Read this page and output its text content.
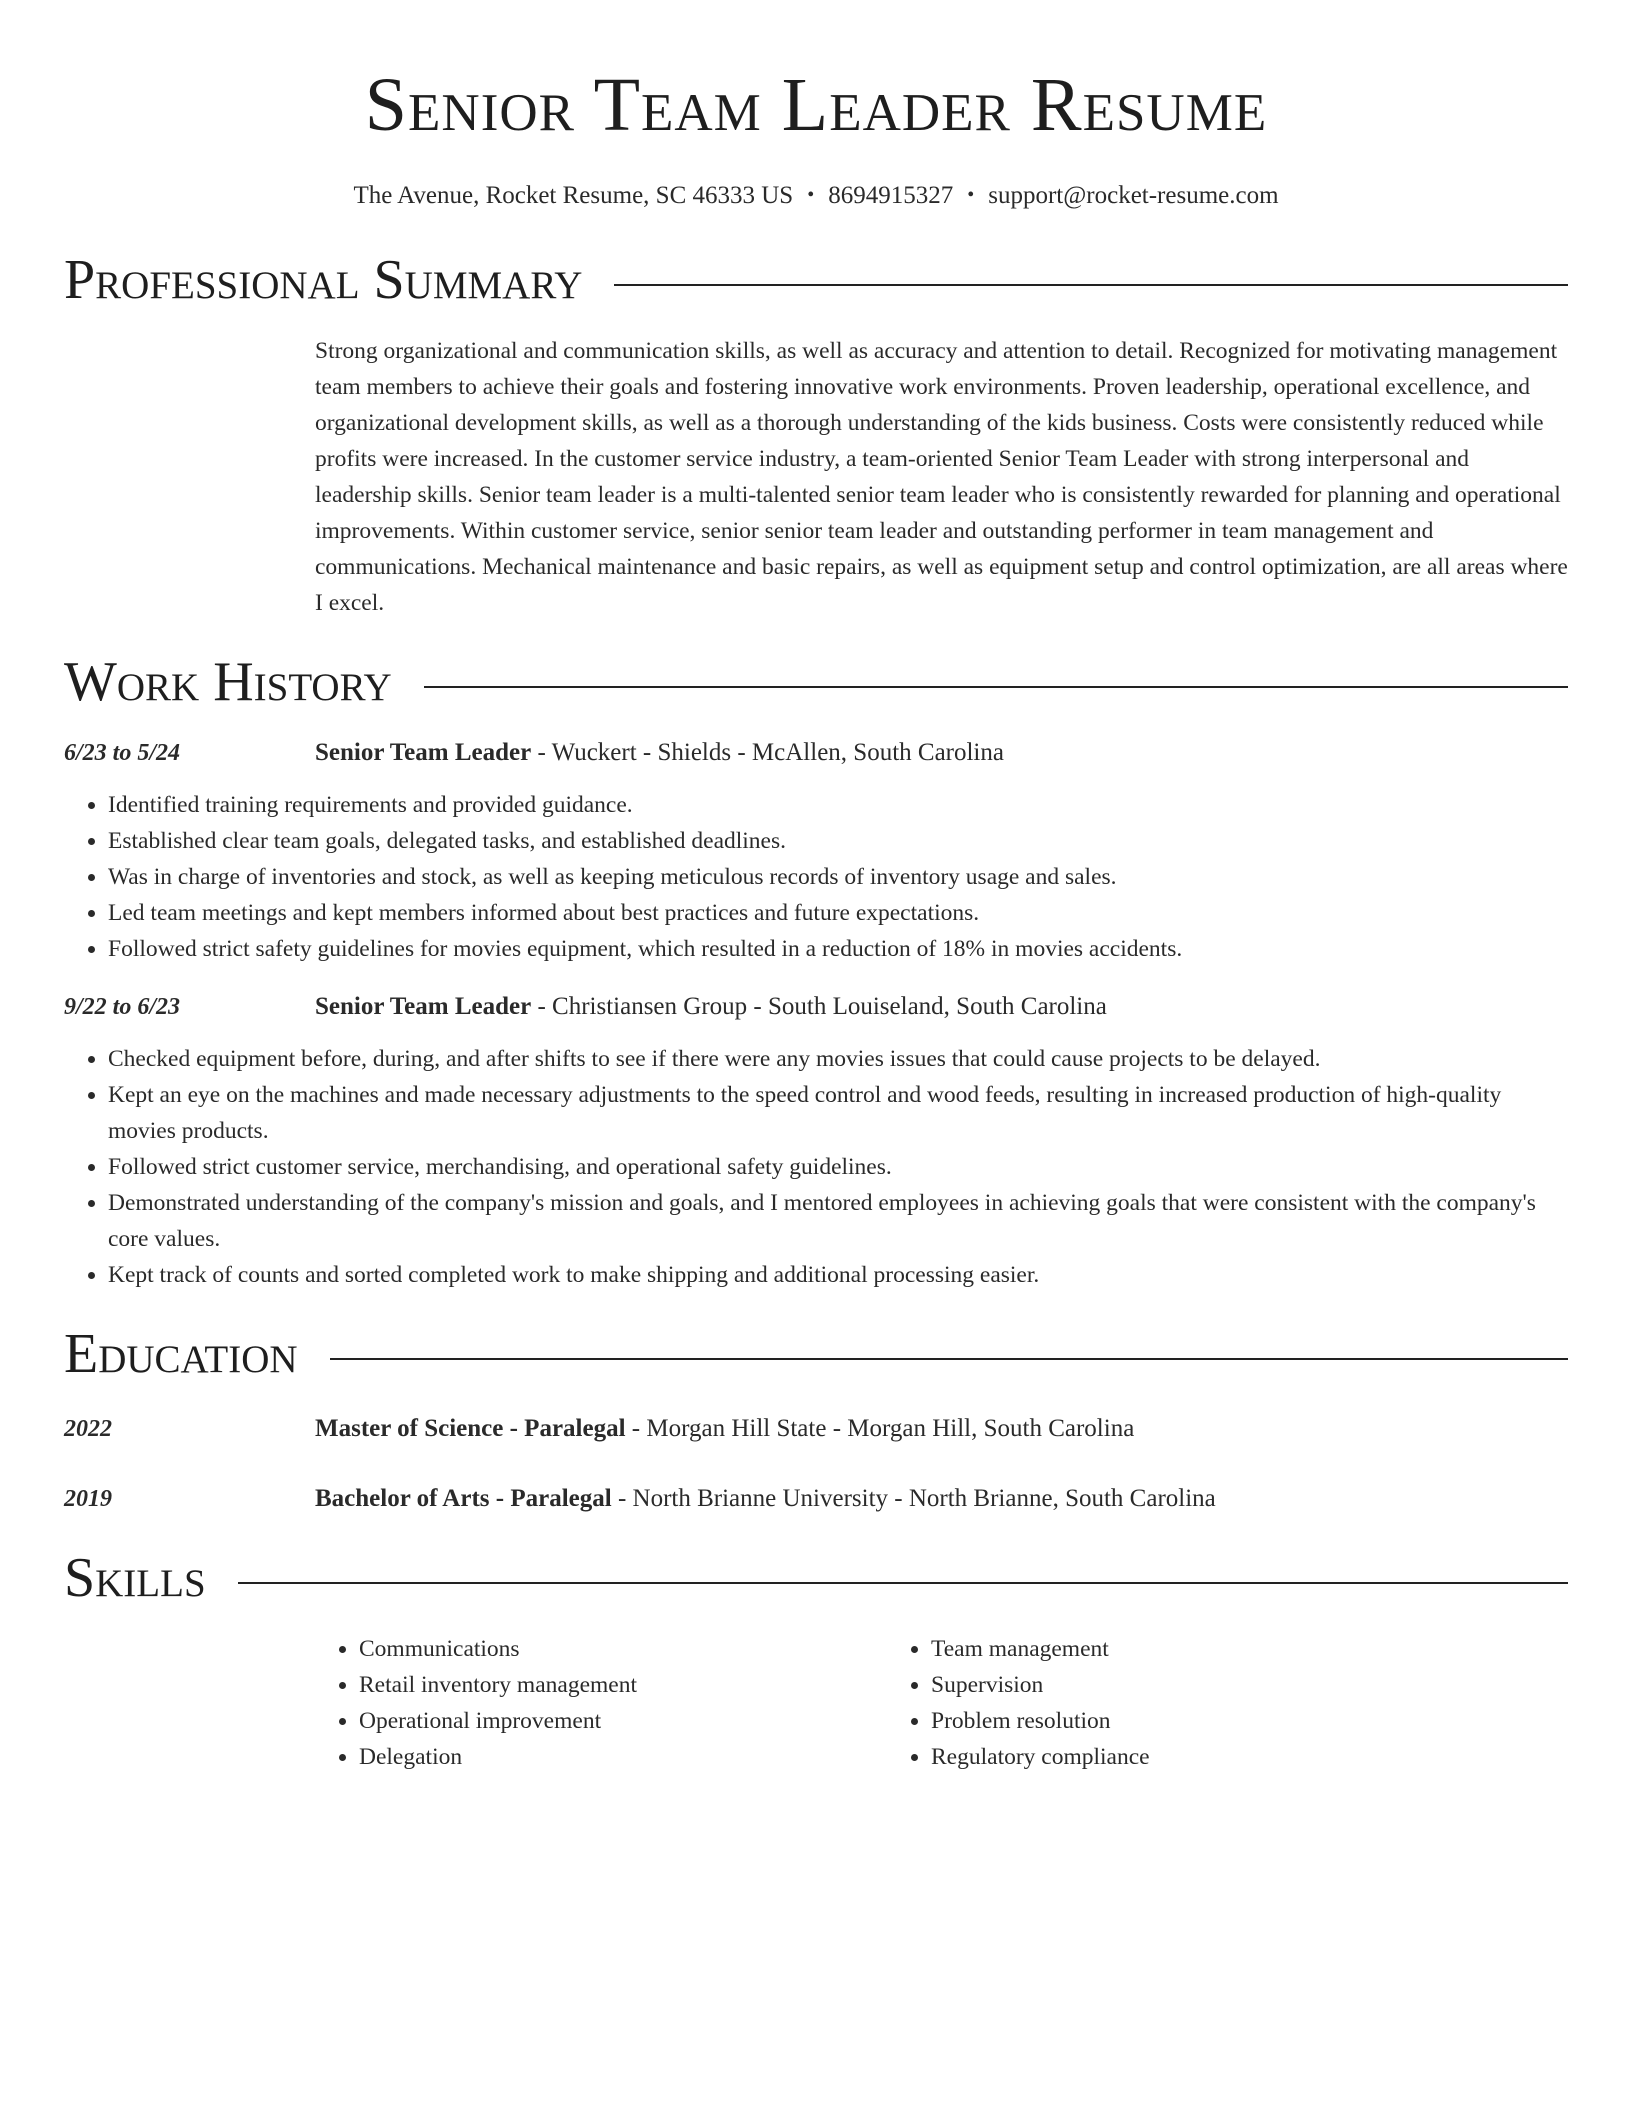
Senior Team Leader Resume
The Avenue, Rocket Resume, SC 46333 US • 8694915327 • support@rocket-resume.com
Professional Summary
Strong organizational and communication skills, as well as accuracy and attention to detail. Recognized for motivating management team members to achieve their goals and fostering innovative work environments. Proven leadership, operational excellence, and organizational development skills, as well as a thorough understanding of the kids business. Costs were consistently reduced while profits were increased. In the customer service industry, a team-oriented Senior Team Leader with strong interpersonal and leadership skills. Senior team leader is a multi-talented senior team leader who is consistently rewarded for planning and operational improvements. Within customer service, senior senior team leader and outstanding performer in team management and communications. Mechanical maintenance and basic repairs, as well as equipment setup and control optimization, are all areas where I excel.
Work History
6/23 to 5/24	Senior Team Leader - Wuckert - Shields - McAllen, South Carolina
• Identified training requirements and provided guidance.
• Established clear team goals, delegated tasks, and established deadlines.
• Was in charge of inventories and stock, as well as keeping meticulous records of inventory usage and sales.
• Led team meetings and kept members informed about best practices and future expectations.
• Followed strict safety guidelines for movies equipment, which resulted in a reduction of 18% in movies accidents.
9/22 to 6/23	Senior Team Leader - Christiansen Group - South Louiseland, South Carolina
• Checked equipment before, during, and after shifts to see if there were any movies issues that could cause projects to be delayed.
• Kept an eye on the machines and made necessary adjustments to the speed control and wood feeds, resulting in increased production of high-quality movies products.
• Followed strict customer service, merchandising, and operational safety guidelines.
• Demonstrated understanding of the company's mission and goals, and I mentored employees in achieving goals that were consistent with the company's core values.
• Kept track of counts and sorted completed work to make shipping and additional processing easier.
Education
2022	Master of Science - Paralegal - Morgan Hill State - Morgan Hill, South Carolina
2019	Bachelor of Arts - Paralegal - North Brianne University - North Brianne, South Carolina
Skills
• Communications
• Retail inventory management
• Operational improvement
• Delegation
• Team management
• Supervision
• Problem resolution
• Regulatory compliance
